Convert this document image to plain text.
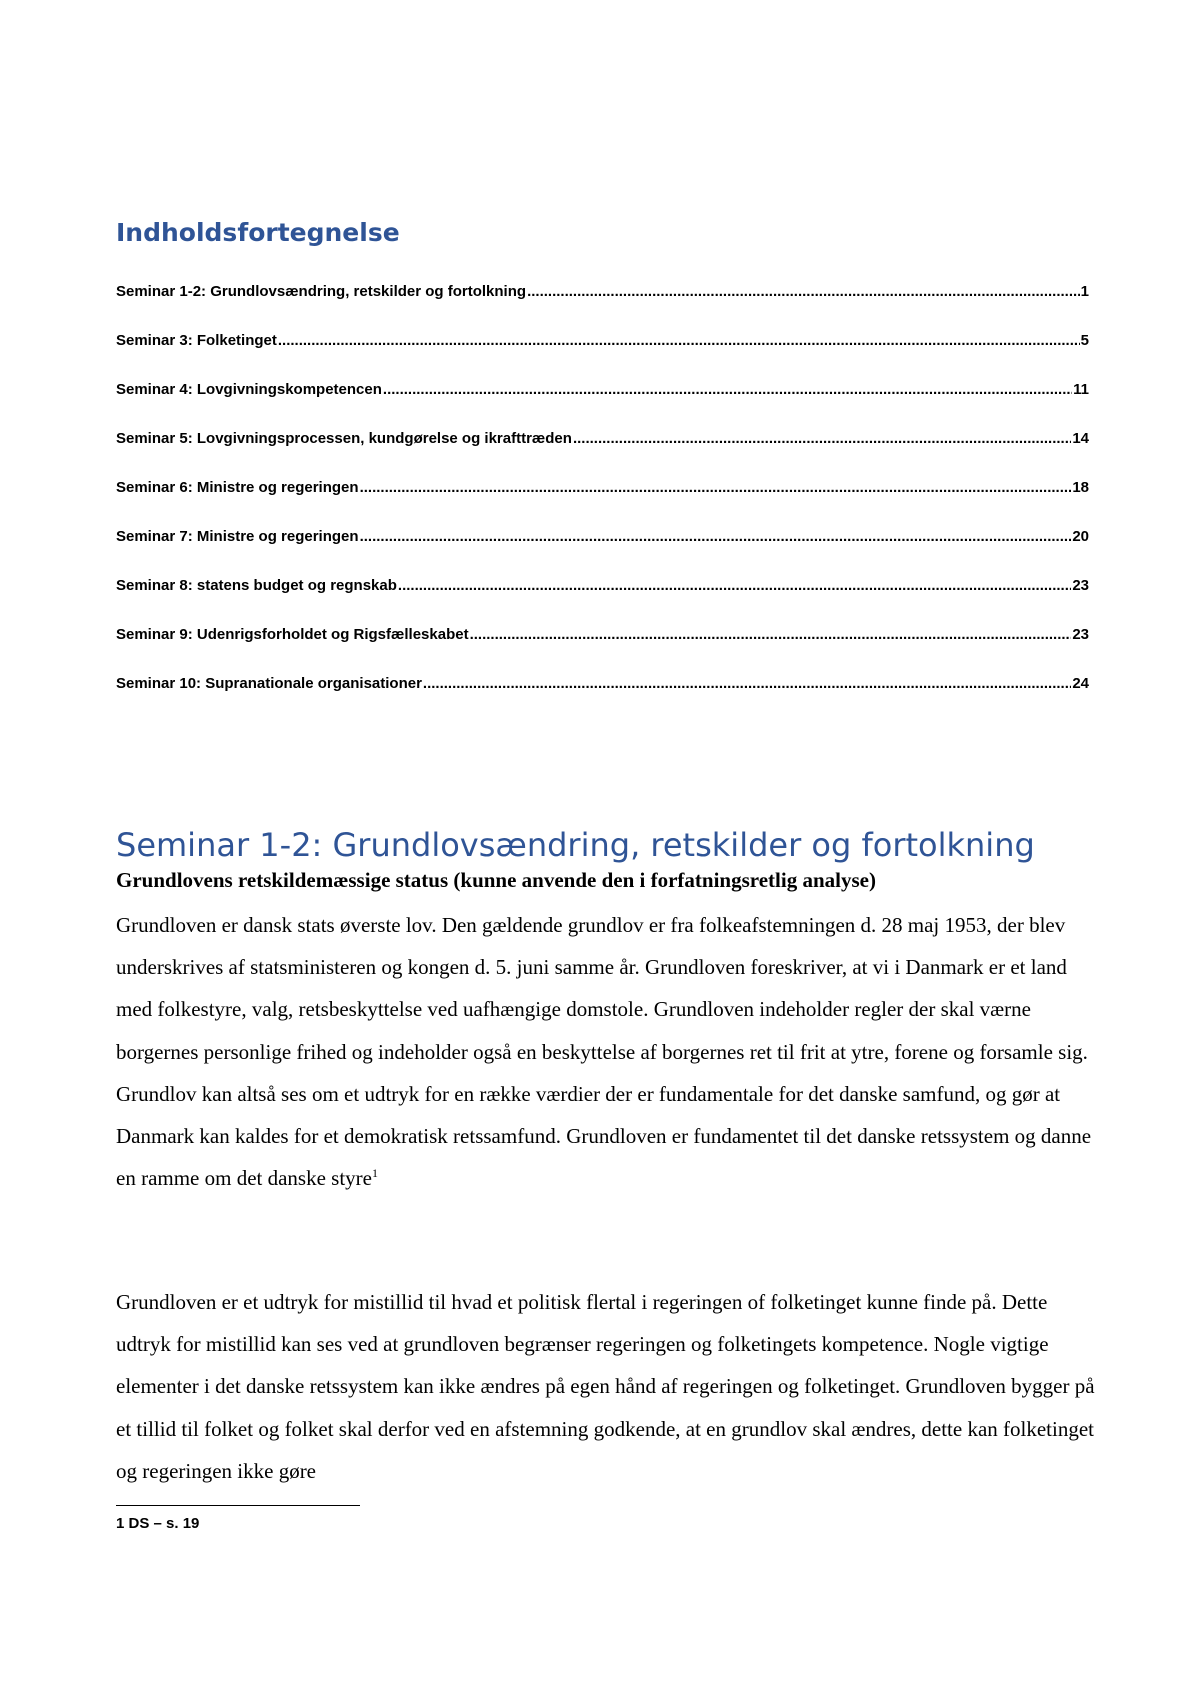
Indholdsfortegnelse
Seminar 1-2: Grundlovsændring, retskilder og fortolkning .....	1
Seminar 3: Folketinget .....	5
Seminar 4: Lovgivningskompetencen .....	11
Seminar 5: Lovgivningsprocessen, kundgørelse og ikrafttræden .....	14
Seminar 6: Ministre og regeringen .....	18
Seminar 7: Ministre og regeringen .....	20
Seminar 8: statens budget og regnskab .....	23
Seminar 9: Udenrigsforholdet og Rigsfælleskabet .....	23
Seminar 10: Supranationale organisationer .....	24
Seminar 1-2: Grundlovsændring, retskilder og fortolkning

Grundlovens retskildemæssige status (kunne anvende den i forfatningsretlig analyse)

Grundloven er dansk stats øverste lov. Den gældende grundlov er fra folkeafstemningen d. 28 maj 1953, der blev underskrives af statsministeren og kongen d. 5. juni samme år. Grundloven foreskriver, at vi i Danmark er et land med folkestyre, valg, retsbeskyttelse ved uafhængige domstole. Grundloven indeholder regler der skal værne borgernes personlige frihed og indeholder også en beskyttelse af borgernes ret til frit at ytre, forene og forsamle sig. Grundlov kan altså ses om et udtryk for en række værdier der er fundamentale for det danske samfund, og gør at Danmark kan kaldes for et demokratisk retssamfund. Grundloven er fundamentet til det danske retssystem og danne en ramme om det danske styre$^1$

Grundloven er et udtryk for mistillid til hvad et politisk flertal i regeringen of folketinget kunne finde på. Dette udtryk for mistillid kan ses ved at grundloven begrænser regeringen og folketingets kompetence. Nogle vigtige elementer i det danske retssystem kan ikke ændres på egen hånd af regeringen og folketinget. Grundloven bygger på et tillid til folket og folket skal derfor ved en afstemning godkende, at en grundlov skal ændres, dette kan folketinget og regeringen ikke gøre

1 DS – s. 19
